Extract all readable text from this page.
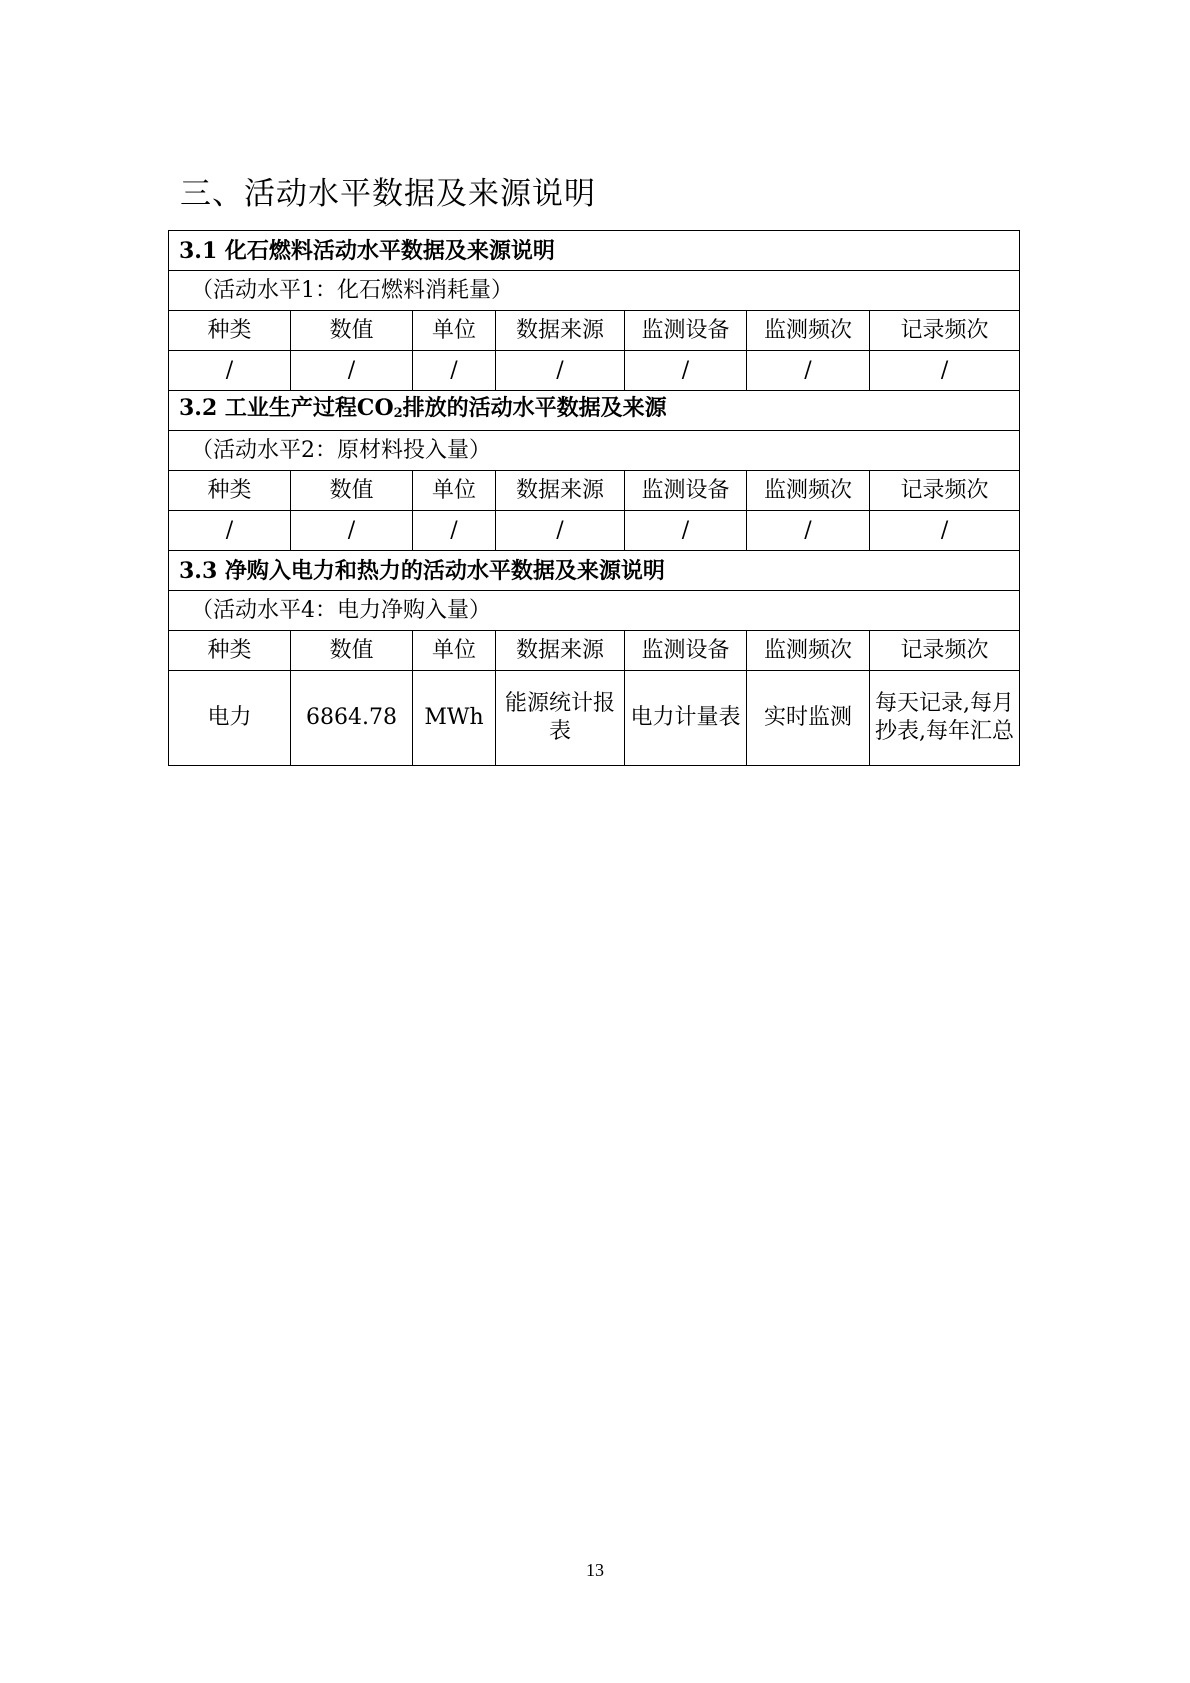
三、活动水平数据及来源说明
3.1 化石燃料活动水平数据及来源说明						
（活动水平1：化石燃料消耗量）						
种类	数值	单位	数据来源	监测设备	监测频次	记录频次
/	/	/	/	/	/	/
3.2 工业生产过程$CO_2$排放的活动水平数据及来源						
（活动水平2：原材料投入量）						
种类	数值	单位	数据来源	监测设备	监测频次	记录频次
/	/	/	/	/	/	/
3.3 净购入电力和热力的活动水平数据及来源说明						
（活动水平4：电力净购入量）						
种类	数值	单位	数据来源	监测设备	监测频次	记录频次
电力	6864.78	MWh	能源统计报表	电力计量表	实时监测	每天记录,每月抄表,每年汇总
13
